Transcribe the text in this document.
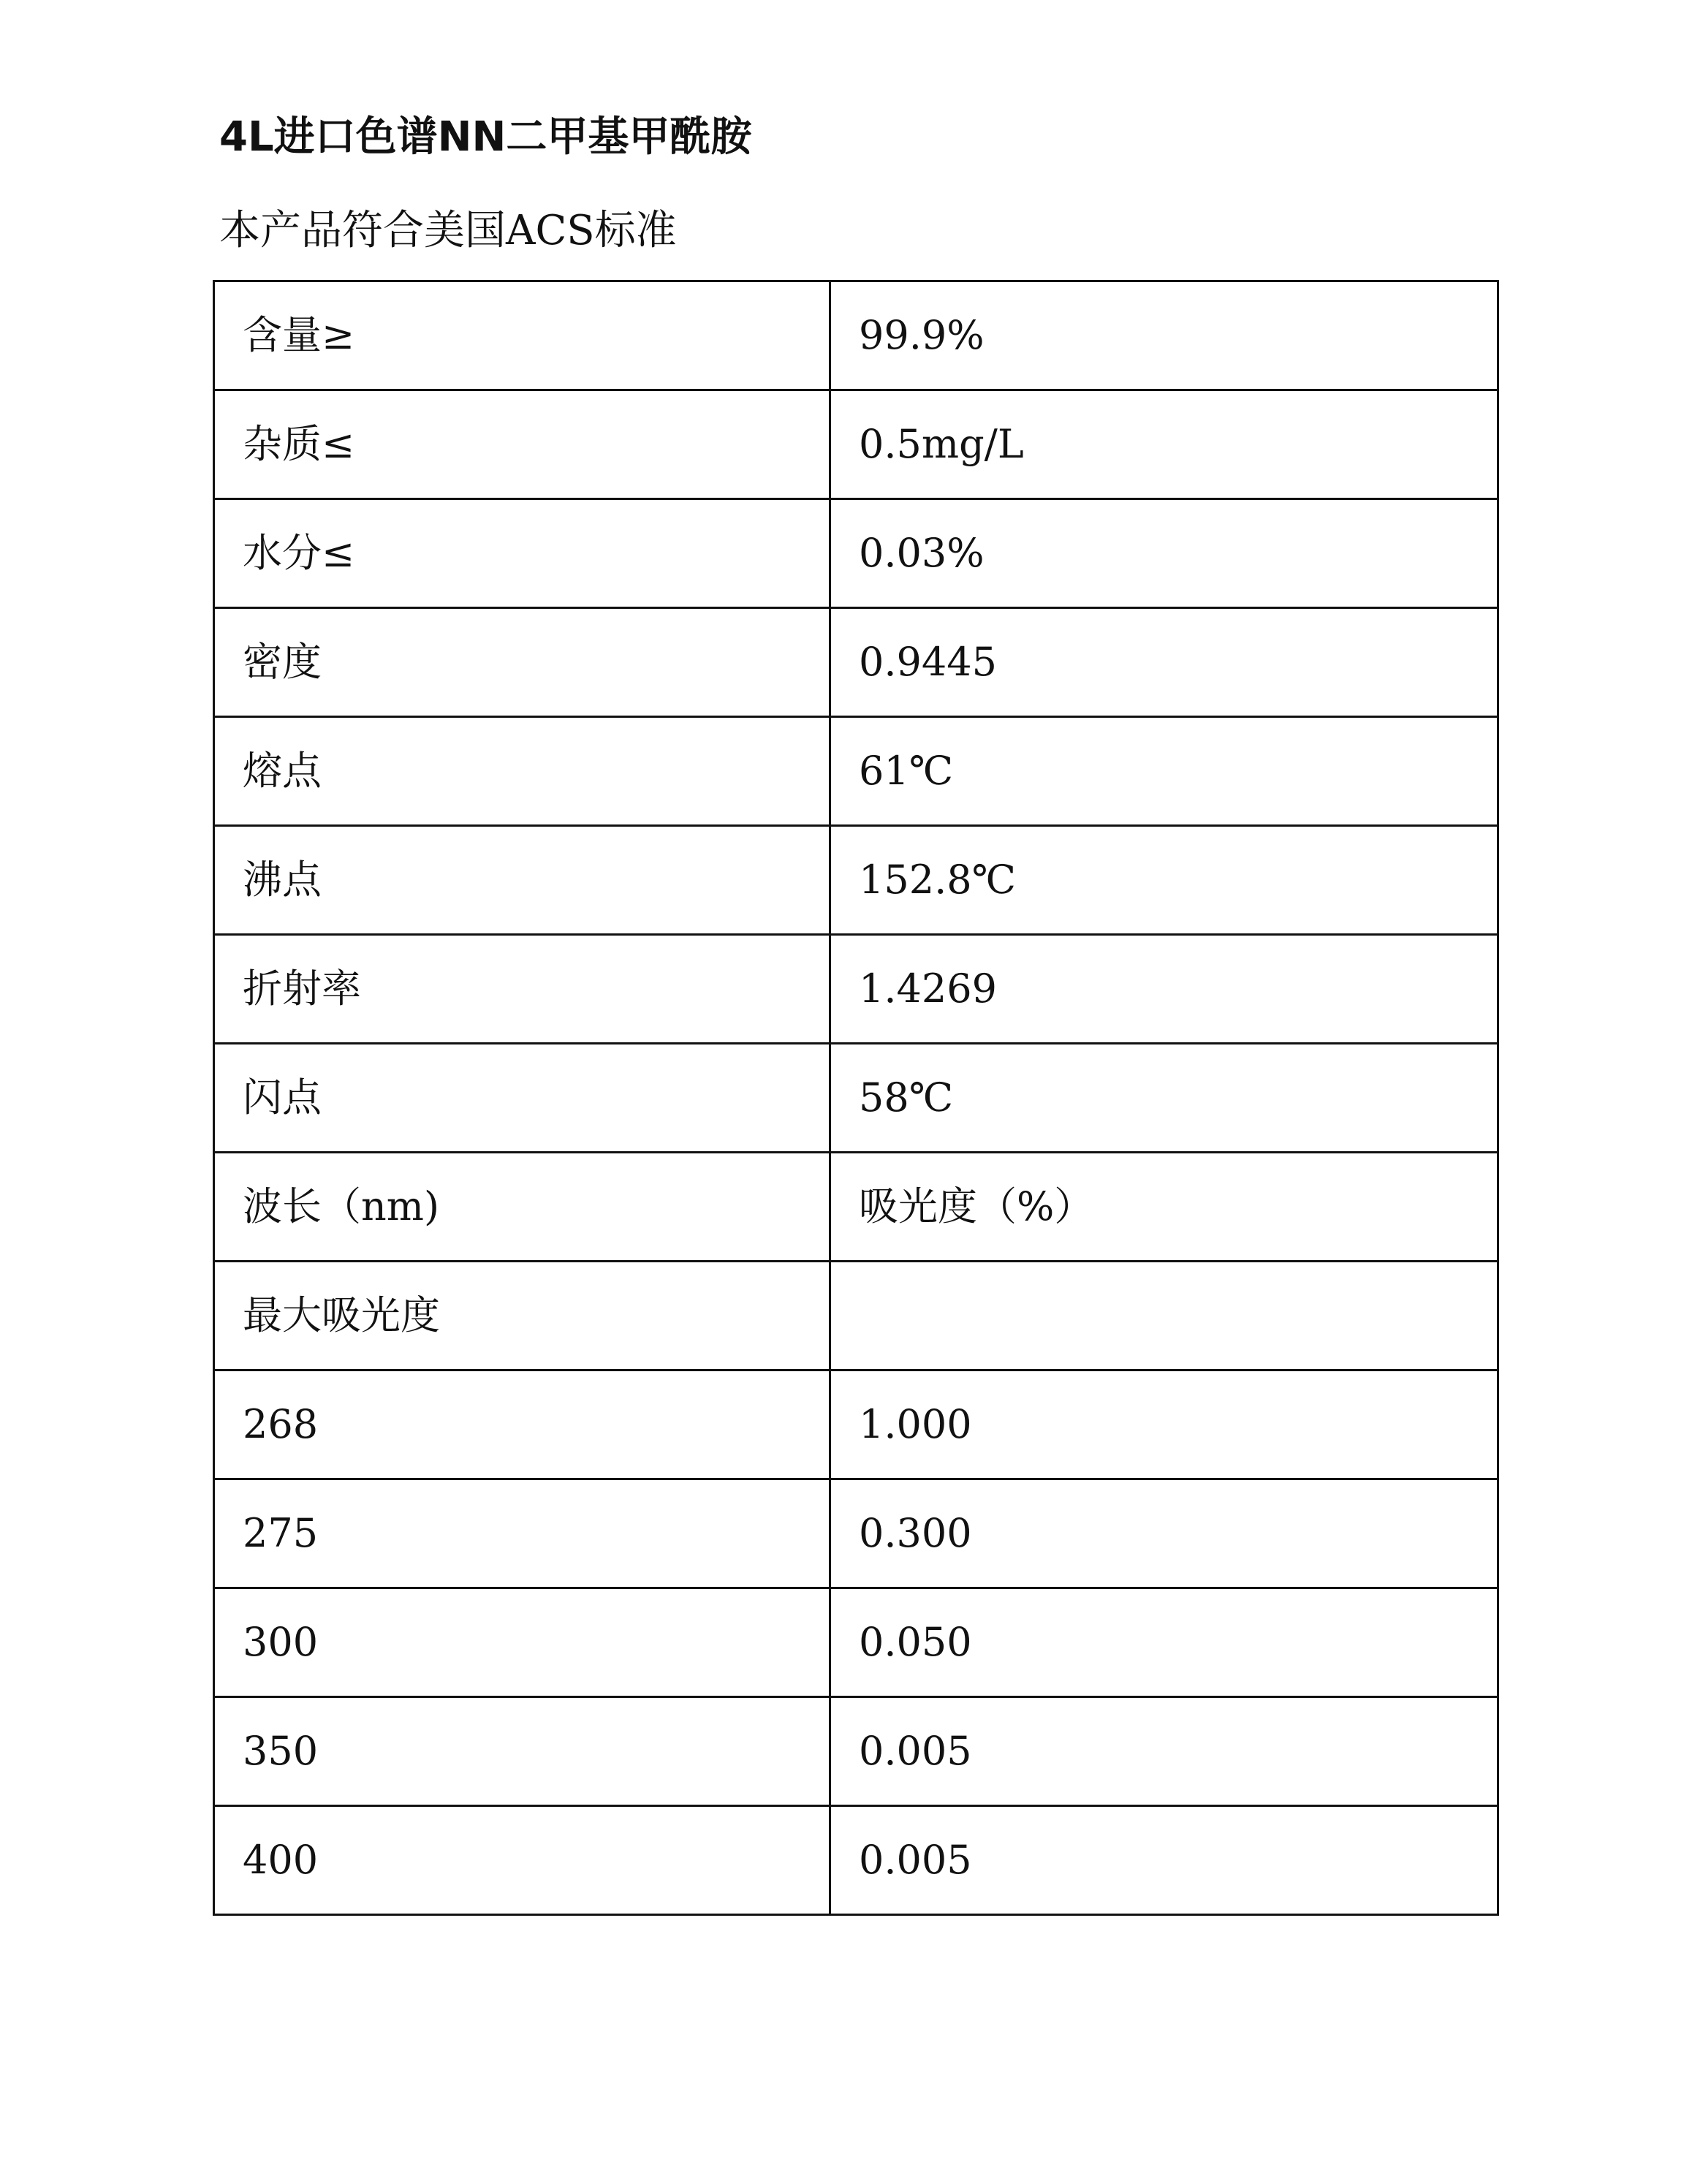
4L进口色谱NN二甲基甲酰胺
本产品符合美国ACS标准
含量≥	99.9%
杂质≤	0.5mg/L
水分≤	0.03%
密度	0.9445
熔点	61℃
沸点	152.8℃
折射率	1.4269
闪点	58℃
波长（nm)	吸光度（%）
最大吸光度	
268	1.000
275	0.300
300	0.050
350	0.005
400	0.005
